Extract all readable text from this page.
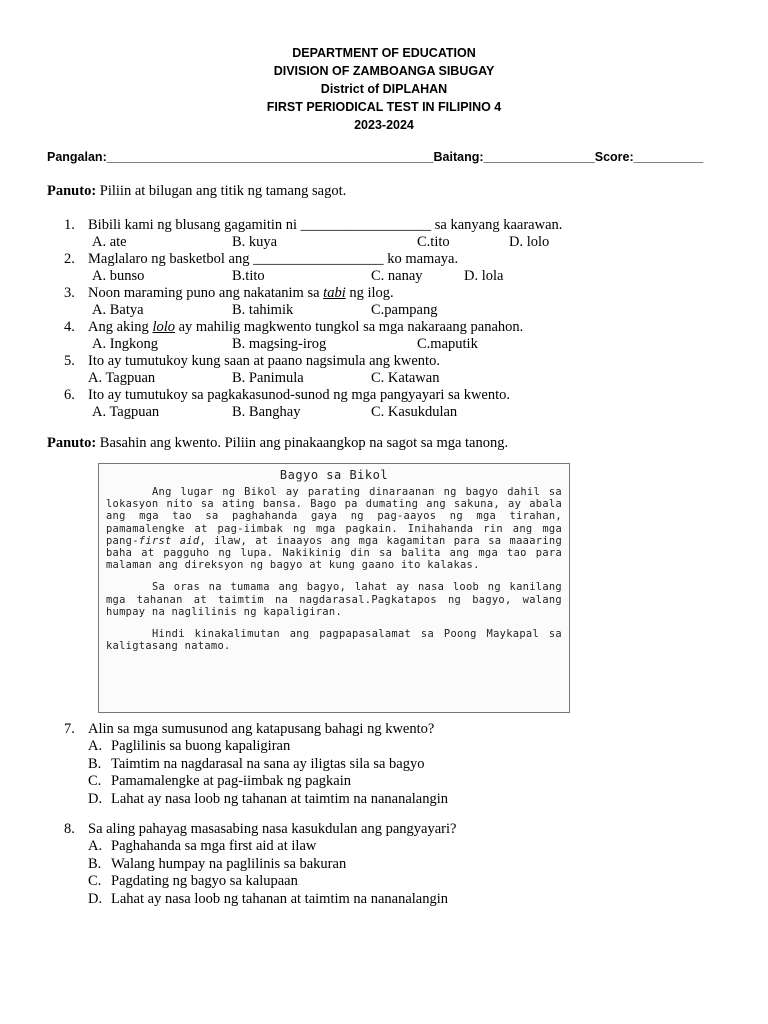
DEPARTMENT OF EDUCATION
DIVISION OF ZAMBOANGA SIBUGAY
District of DIPLAHAN
FIRST PERIODICAL TEST IN FILIPINO 4
2023-2024
Pangalan:_______________________________________________Baitang:________________Score:__________
Panuto: Piliin at bilugan ang titik ng tamang sagot.
1. Bibili kami ng blusang gagamitin ni __________________ sa kanyang kaarawan.
A. ate	B. kuya	C.tito	D. lolo
2. Maglalaro ng basketbol ang __________________ ko mamaya.
A. bunso	B.tito	C. nanay	D. lola
3. Noon maraming puno ang nakatanim sa tabi ng ilog.
A. Batya	B. tahimik	C.pampang
4. Ang aking lolo ay mahilig magkwento tungkol sa mga nakaraang panahon.
A. Ingkong	B. magsing-irog	C.maputik
5. Ito ay tumutukoy kung saan at paano nagsimula ang kwento.
A. Tagpuan	B. Panimula	C. Katawan
6. Ito ay tumutukoy sa pagkakasunod-sunod ng mga pangyayari sa kwento.
A. Tagpuan	B. Banghay	C. Kasukdulan
Panuto: Basahin ang kwento. Piliin ang pinakaangkop na sagot sa mga tanong.
Bagyo sa Bikol

Ang lugar ng Bikol ay parating dinaraanan ng bagyo dahil sa lokasyon nito sa ating bansa. Bago pa dumating ang sakuna, ay abala ang mga tao sa paghahanda gaya ng pag-aayos ng mga tirahan, pamamalengke at pag-iimbak ng mga pagkain. Inihahanda rin ang mga pang-first aid, ilaw, at inaayos ang mga kagamitan para sa maaaring baha at pagguho ng lupa. Nakikinig din sa balita ang mga tao para malaman ang direksyon ng bagyo at kung gaano ito kalakas.

Sa oras na tumama ang bagyo, lahat ay nasa loob ng kanilang mga tahanan at taimtim na nagdarasal.Pagkatapos ng bagyo, walang humpay na naglilinis ng kapaligiran.

Hindi kinakalimutan ang pagpapasalamat sa Poong Maykapal sa kaligtasang natamo.

7. Alin sa mga sumusunod ang katapusang bahagi ng kwento?
A. Paglilinis sa buong kapaligiran
B. Taimtim na nagdarasal na sana ay iligtas sila sa bagyo
C. Pamamalengke at pag-iimbak ng pagkain
D. Lahat ay nasa loob ng tahanan at taimtim na nananalangin
8. Sa aling pahayag masasabing nasa kasukdulan ang pangyayari?
A. Paghahanda sa mga first aid at ilaw
B. Walang humpay na paglilinis sa bakuran
C. Pagdating ng bagyo sa kalupaan
D. Lahat ay nasa loob ng tahanan at taimtim na nananalangin
